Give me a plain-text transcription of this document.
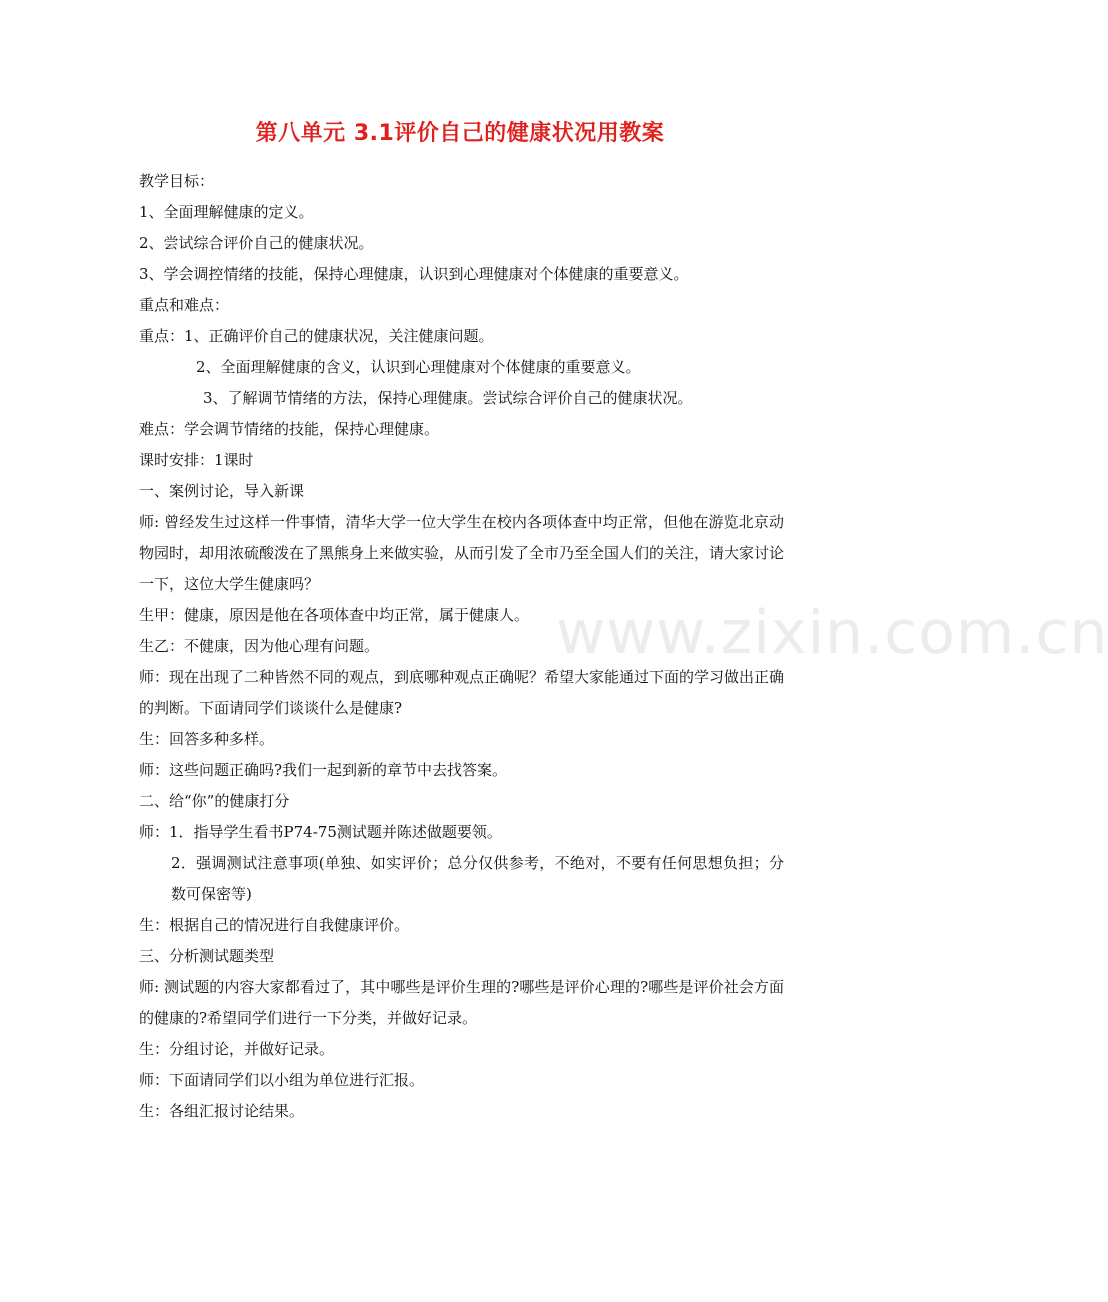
第八单元 3.1评价自己的健康状况用教案

教学目标：

1、全面理解健康的定义。

2、尝试综合评价自己的健康状况。

3、学会调控情绪的技能，保持心理健康，认识到心理健康对个体健康的重要意义。

重点和难点：

重点：1、正确评价自己的健康状况，关注健康问题。

2、全面理解健康的含义，认识到心理健康对个体健康的重要意义。

3、了解调节情绪的方法，保持心理健康。尝试综合评价自己的健康状况。

难点：学会调节情绪的技能，保持心理健康。

课时安排：1课时

一、案例讨论，导入新课

师: 曾经发生过这样一件事情，清华大学一位大学生在校内各项体查中均正常，但他在游览北京动物园时，却用浓硫酸泼在了黑熊身上来做实验，从而引发了全市乃至全国人们的关注，请大家讨论一下，这位大学生健康吗？

生甲：健康，原因是他在各项体查中均正常，属于健康人。

生乙：不健康，因为他心理有问题。

师：现在出现了二种皆然不同的观点，到底哪种观点正确呢？希望大家能通过下面的学习做出正确的判断。下面请同学们谈谈什么是健康?

生：回答多种多样。

师：这些问题正确吗?我们一起到新的章节中去找答案。

二、给“你”的健康打分

师：1．指导学生看书P74-75测试题并陈述做题要领。

2．强调测试注意事项(单独、如实评价；总分仅供参考，不绝对，不要有任何思想负担；分数可保密等)

生：根据自己的情况进行自我健康评价。

三、分析测试题类型

师: 测试题的内容大家都看过了，其中哪些是评价生理的?哪些是评价心理的?哪些是评价社会方面的健康的?希望同学们进行一下分类，并做好记录。

生：分组讨论，并做好记录。

师：下面请同学们以小组为单位进行汇报。

生：各组汇报讨论结果。

www.zixin.com.cn
